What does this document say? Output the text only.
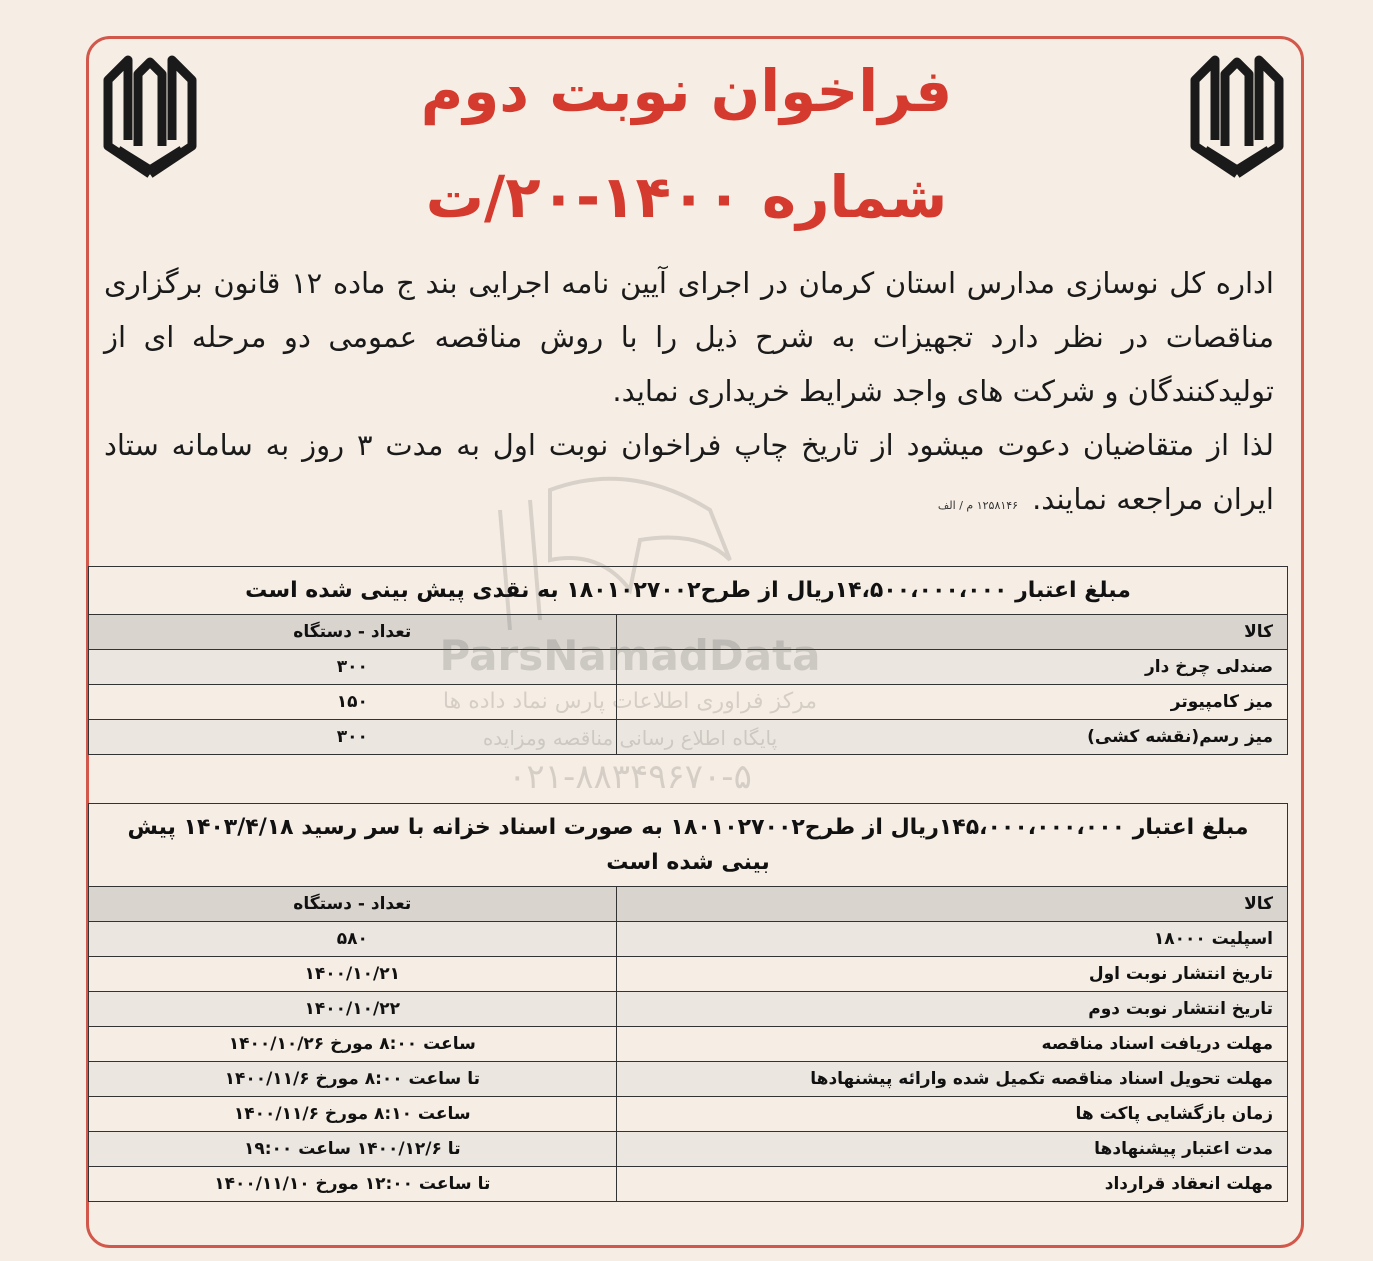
فراخوان نوبت دوم
شماره ۱۴۰۰-۲۰/ت

اداره کل نوسازی مدارس استان کرمان در اجرای آیین نامه اجرایی بند ج ماده ۱۲ قانون برگزاری مناقصات در نظر دارد تجهیزات به شرح ذیل را با روش مناقصه عمومی دو مرحله ای از تولیدکنندگان و شرکت های واجد شرایط خریداری نماید.

لذا از متقاضیان دعوت میشود از تاریخ چاپ فراخوان نوبت اول به مدت ۳ روز به سامانه ستاد ایران مراجعه نمایند.۱۲۵۸۱۴۶ م / الف

مبلغ اعتبار ۱۴،۵۰۰،۰۰۰،۰۰۰ریال از طرح۱۸۰۱۰۲۷۰۰۲ به نقدی پیش بینی شده است	
کالا	تعداد - دستگاه
صندلی چرخ دار	۳۰۰
میز کامپیوتر	۱۵۰
میز رسم(نقشه کشی)	۳۰۰
مبلغ اعتبار ۱۴۵،۰۰۰،۰۰۰،۰۰۰ریال از طرح۱۸۰۱۰۲۷۰۰۲ به صورت اسناد خزانه با سر رسید ۱۴۰۳/۴/۱۸ پیش بینی شده است	
کالا	تعداد - دستگاه
اسپلیت ۱۸۰۰۰	۵۸۰
تاریخ انتشار نوبت اول	۱۴۰۰/۱۰/۲۱
تاریخ انتشار نوبت دوم	۱۴۰۰/۱۰/۲۲
مهلت دریافت اسناد مناقصه	ساعت ۸:۰۰ مورخ ۱۴۰۰/۱۰/۲۶
مهلت تحویل اسناد مناقصه تکمیل شده وارائه پیشنهادها	تا ساعت ۸:۰۰ مورخ ۱۴۰۰/۱۱/۶
زمان بازگشایی پاکت ها	ساعت ۸:۱۰ مورخ ۱۴۰۰/۱۱/۶
مدت اعتبار پیشنهادها	تا ۱۴۰۰/۱۲/۶ ساعت ۱۹:۰۰
مهلت انعقاد قرارداد	تا ساعت ۱۲:۰۰ مورخ ۱۴۰۰/۱۱/۱۰
مرکز فراوری اطلاعات پارس نماد داده ها
۰۲۱-۸۸۳۴۹۶۷۰-۵
